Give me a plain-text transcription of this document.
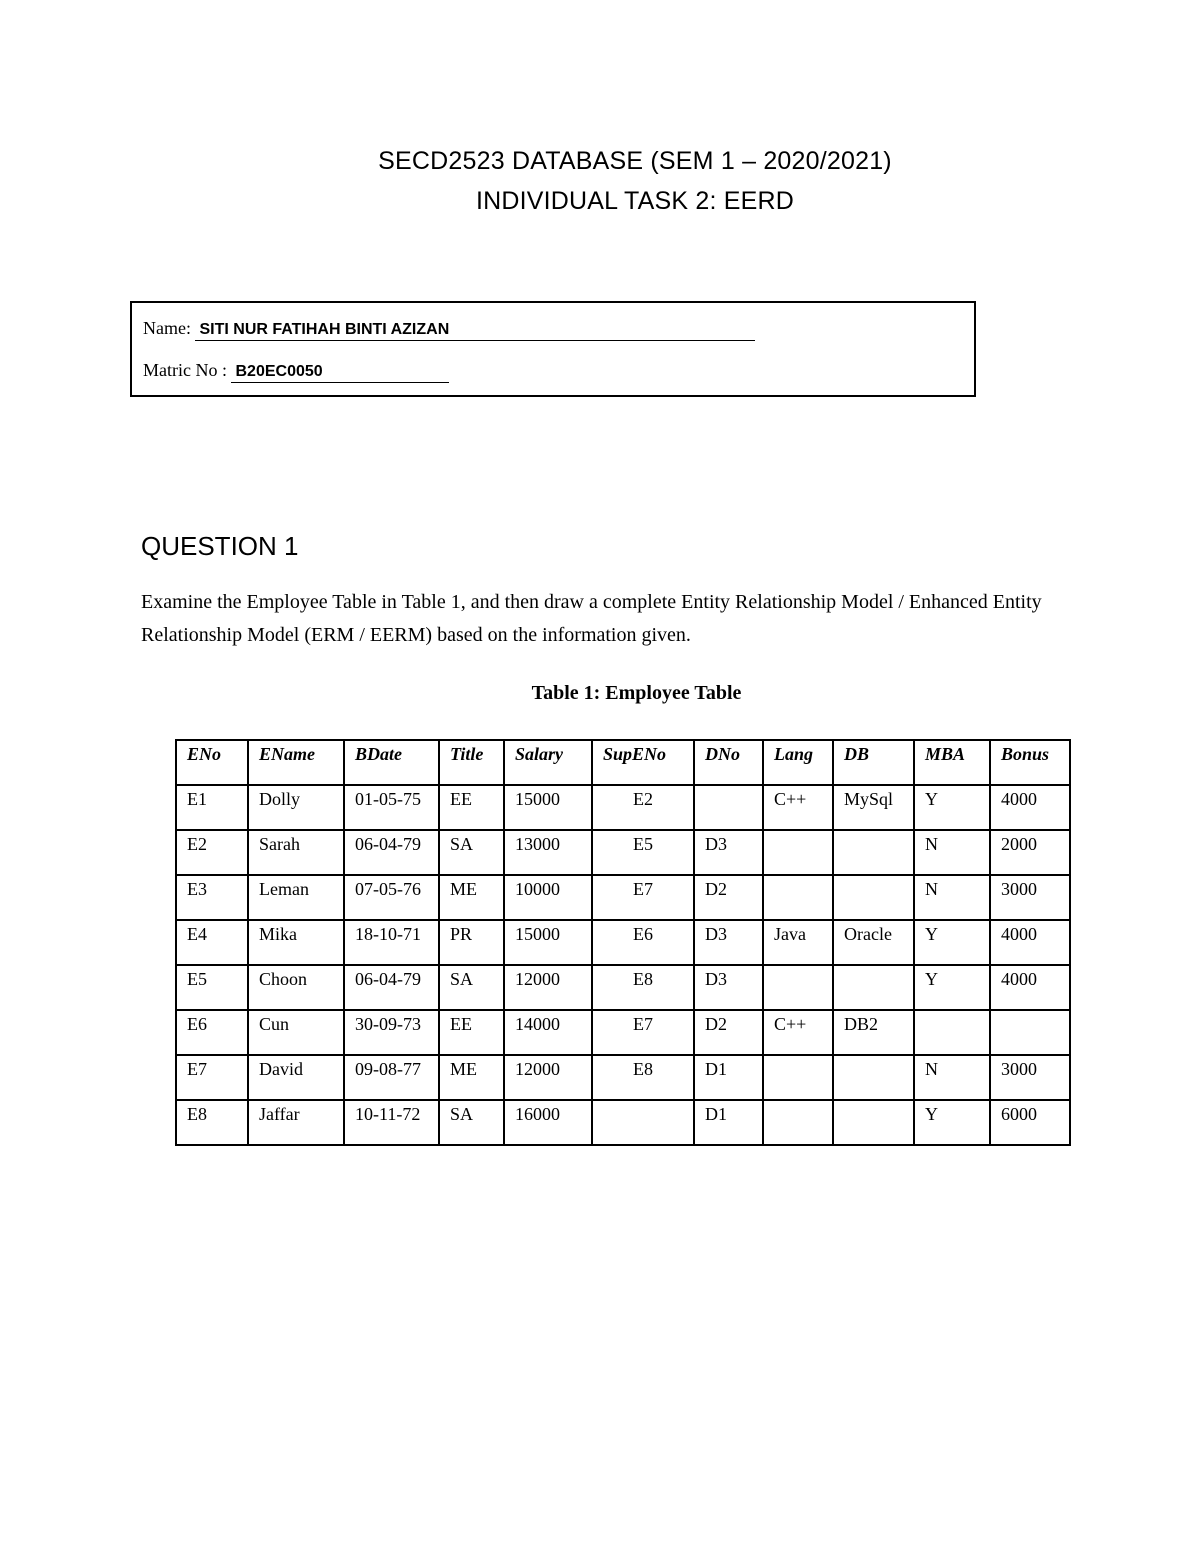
SECD2523 DATABASE (SEM 1 – 2020/2021)
INDIVIDUAL TASK 2: EERD
Name: SITI NUR FATIHAH BINTI AZIZAN
Matric No : B20EC0050
QUESTION 1
Examine the Employee Table in Table 1, and then draw a complete Entity Relationship Model / Enhanced Entity Relationship Model (ERM / EERM) based on the information given.
Table 1: Employee Table
ENo	EName	BDate	Title	Salary	SupENo	DNo	Lang	DB	MBA	Bonus
E1	Dolly	01-05-75	EE	15000	E2		C++	MySql	Y	4000
E2	Sarah	06-04-79	SA	13000	E5	D3			N	2000
E3	Leman	07-05-76	ME	10000	E7	D2			N	3000
E4	Mika	18-10-71	PR	15000	E6	D3	Java	Oracle	Y	4000
E5	Choon	06-04-79	SA	12000	E8	D3			Y	4000
E6	Cun	30-09-73	EE	14000	E7	D2	C++	DB2		
E7	David	09-08-77	ME	12000	E8	D1			N	3000
E8	Jaffar	10-11-72	SA	16000		D1			Y	6000
